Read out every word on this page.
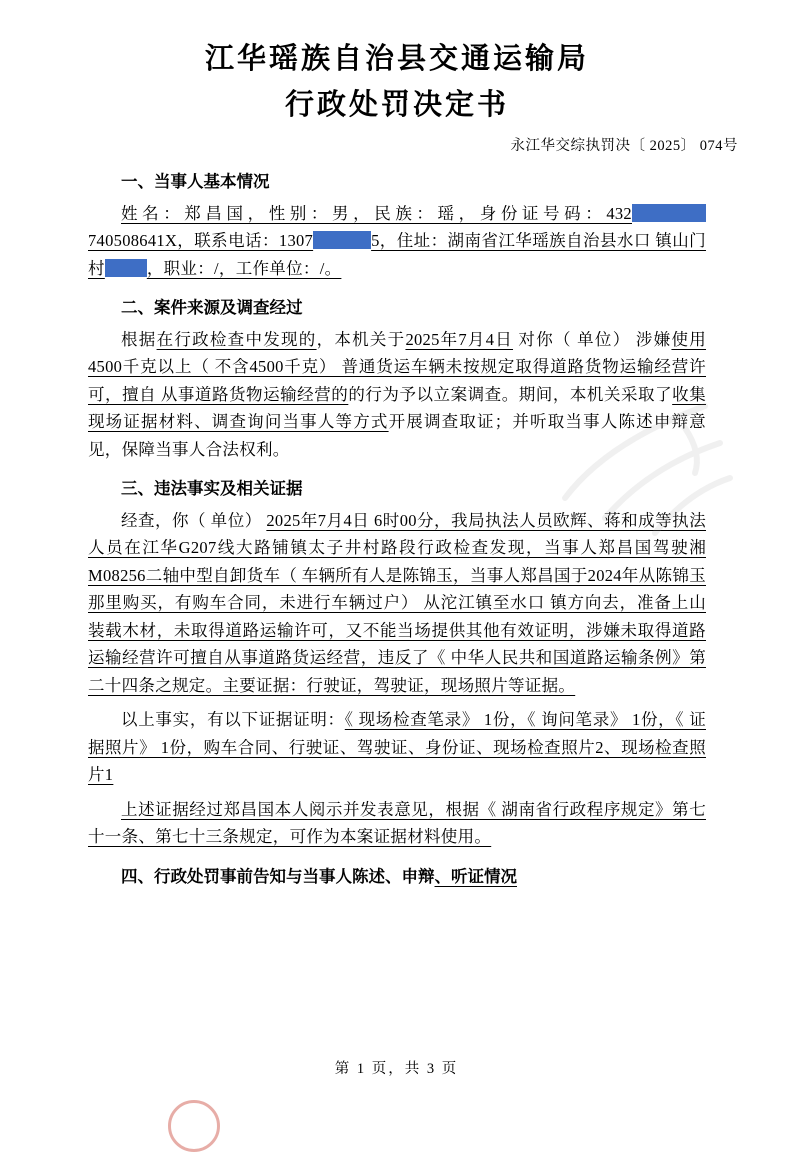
江华瑶族自治县交通运输局
行政处罚决定书
永江华交综执罚决〔 2025〕 074号

一、当事人基本情况

姓名：郑昌国，性别：男，民族：瑶，身份证号码：432740508641X，联系电话：1307	5，住址：湖南省江华瑶族自治县水口 镇山门村	，职业：/，工作单位：/。

二、案件来源及调查经过

根据在行政检查中发现的，本机关于2025年7月4日 对你（ 单位） 涉嫌使用4500千克以上（ 不含4500千克） 普通货运车辆未按规定取得道路货物运输经营许可，擅自 从事道路货物运输经营的的行为予以立案调查。期间，本机关采取了收集现场证据材料、调查询问当事人等方式开展调查取证；并听取当事人陈述申辩意见，保障当事人合法权利。

三、违法事实及相关证据

经查，你（ 单位） 2025年7月4日 6时00分，我局执法人员欧辉、蒋和成等执法人员在江华G207线大路铺镇太子井村路段行政检查发现，当事人郑昌国驾驶湘M08256二轴中型自卸货车（ 车辆所有人是陈锦玉，当事人郑昌国于2024年从陈锦玉那里购买，有购车合同，未进行车辆过户） 从沱江镇至水口 镇方向去，准备上山 装载木材，未取得道路运输许可，又不能当场提供其他有效证明，涉嫌未取得道路运输经营许可擅自从事道路货运经营，违反了《 中华人民共和国道路运输条例》第二十四条之规定。主要证据：行驶证，驾驶证，现场照片等证据。

以上事实，有以下证据证明：《 现场检查笔录》 1份，《 询问笔录》 1份，《 证据照片》 1份，购车合同、行驶证、驾驶证、身份证、现场检查照片2、现场检查照片1

上述证据经过郑昌国本人阅示并发表意见，根据《 湖南省行政程序规定》第七十一条、第七十三条规定，可作为本案证据材料使用。

四、行政处罚事前告知与当事人陈述、申辩、听证情况

第 1 页，共 3 页
